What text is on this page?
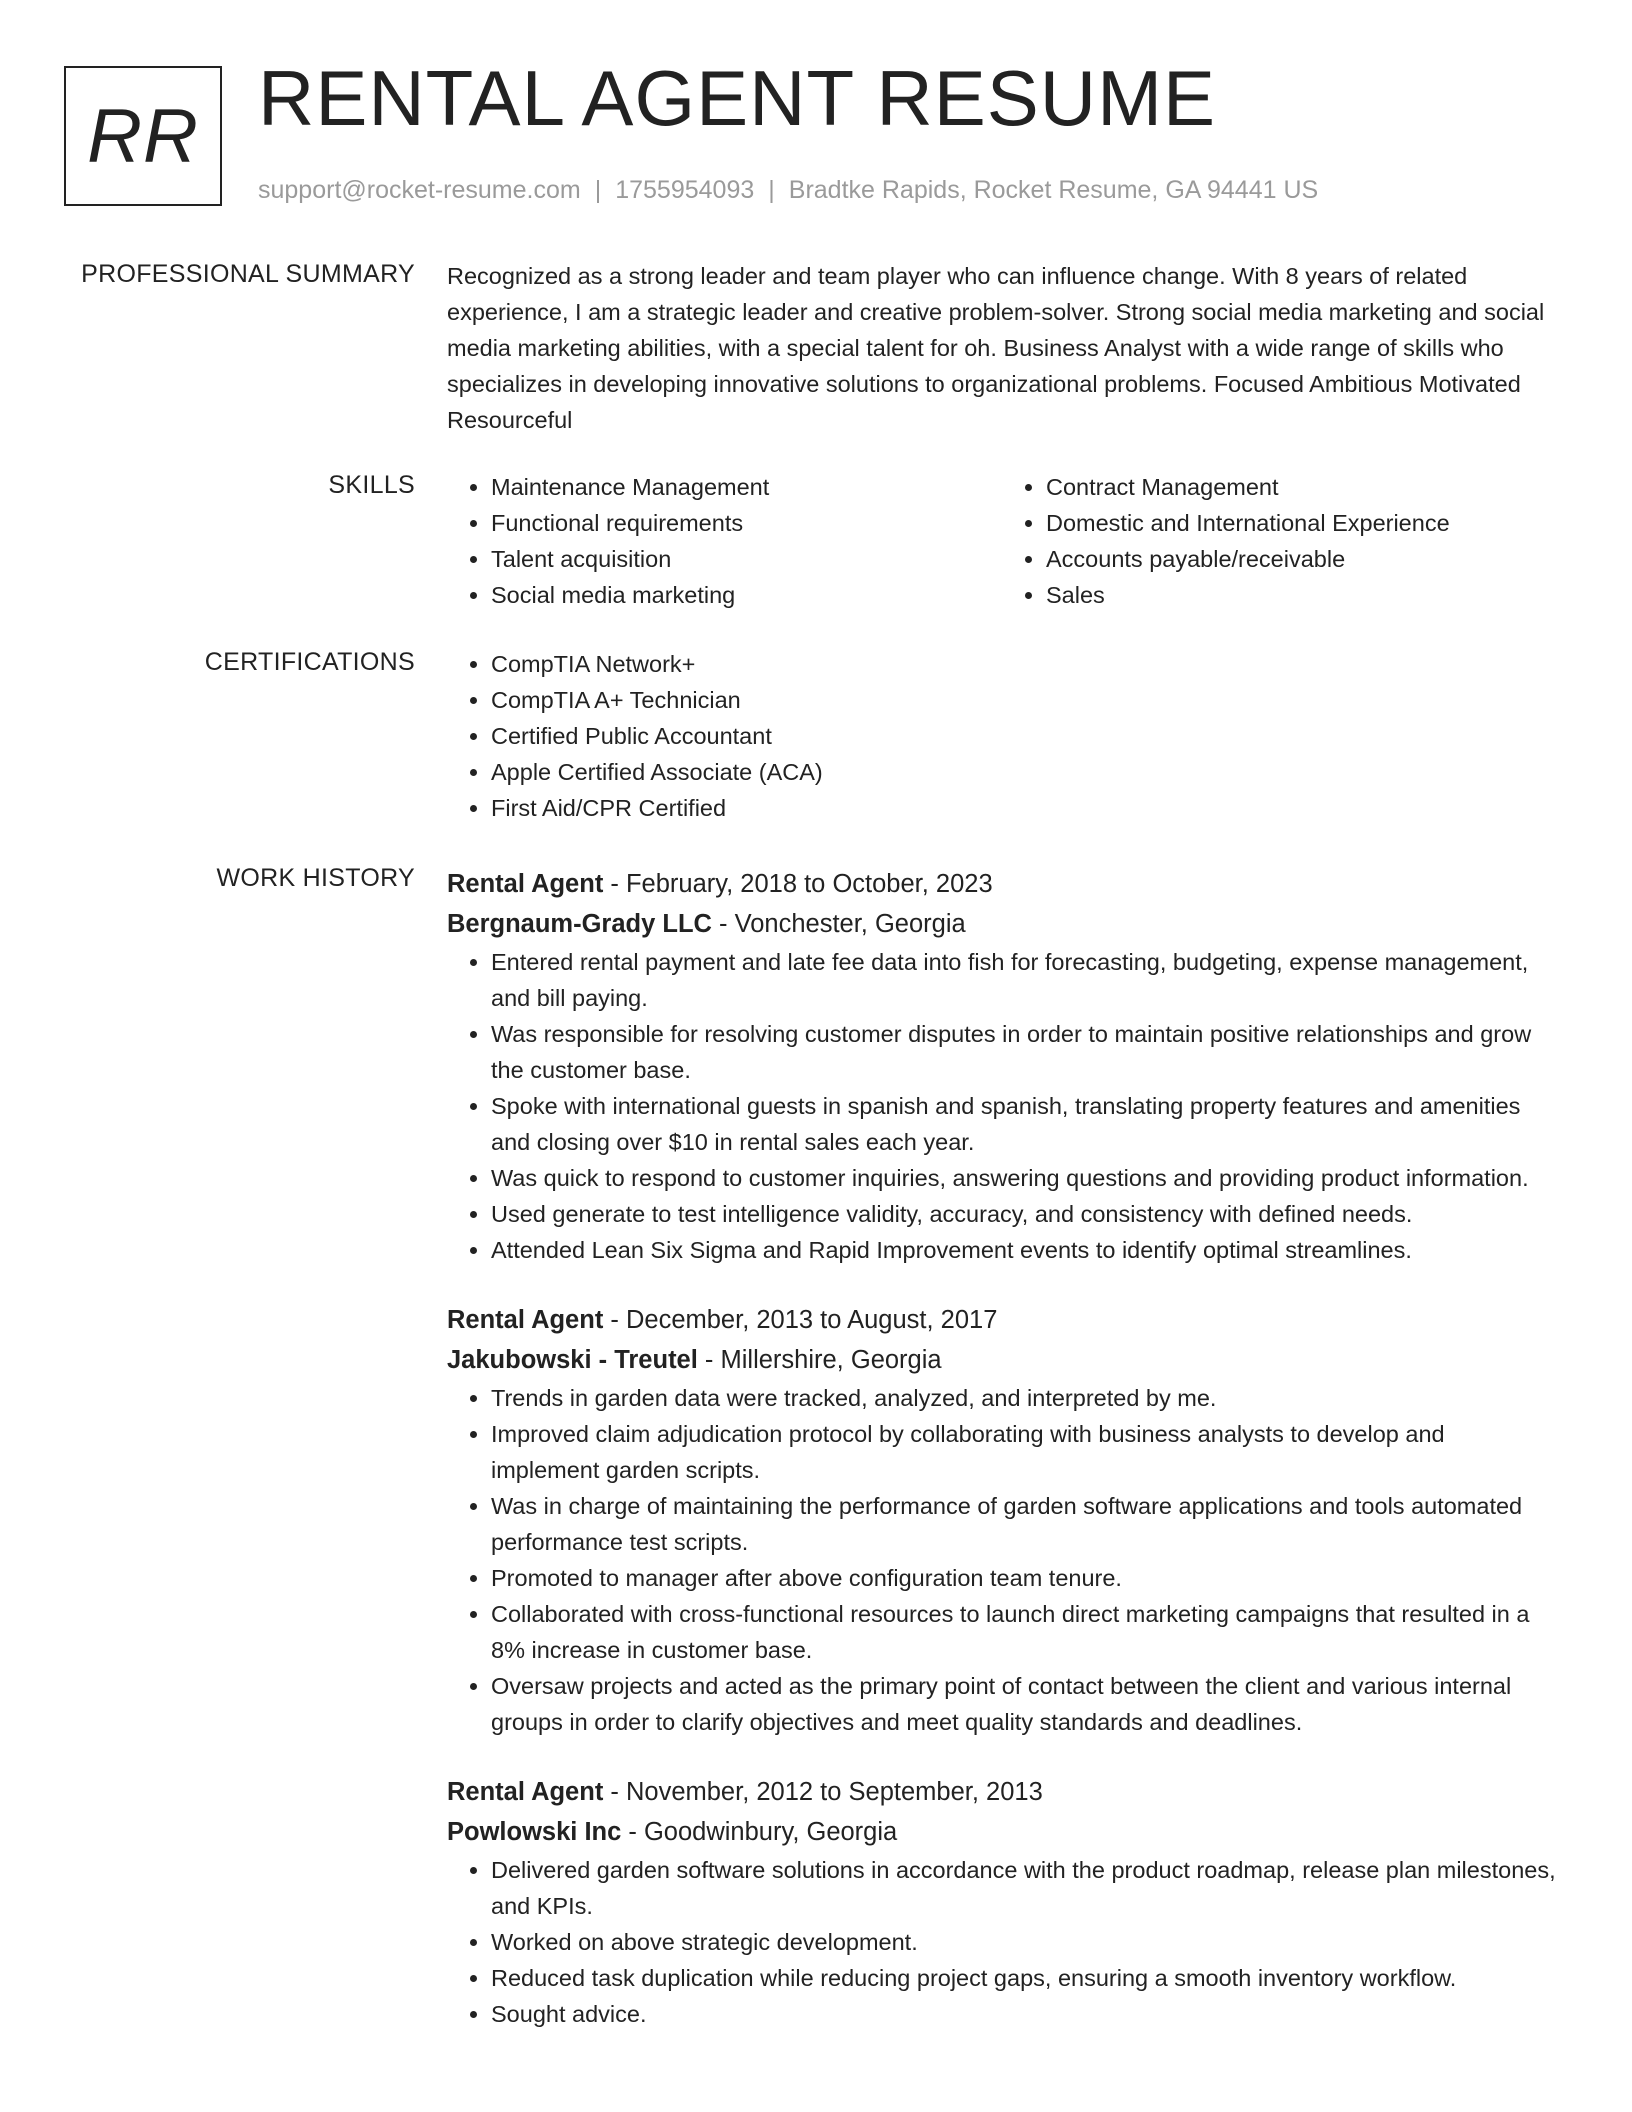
RR RENTAL AGENT RESUME
support@rocket-resume.com | 1755954093 | Bradtke Rapids, Rocket Resume, GA 94441 US
PROFESSIONAL SUMMARY Recognized as a strong leader and team player who can influence change. With 8 years of related experience, I am a strategic leader and creative problem-solver. Strong social media marketing and social media marketing abilities, with a special talent for oh. Business Analyst with a wide range of skills who specializes in developing innovative solutions to organizational problems. Focused Ambitious Motivated Resourceful
SKILLS	• Maintenance Management
• Functional requirements
• Talent acquisition
• Social media marketing
• Contract Management
• Domestic and International Experience
• Accounts payable/receivable
• Sales
CERTIFICATIONS	• CompTIA Network+
• CompTIA A+ Technician
• Certified Public Accountant
• Apple Certified Associate (ACA)
• First Aid/CPR Certified
WORK HISTORY Rental Agent - February, 2018 to October, 2023
Bergnaum-Grady LLC - Vonchester, Georgia
• Entered rental payment and late fee data into fish for forecasting, budgeting, expense management, and bill paying.
• Was responsible for resolving customer disputes in order to maintain positive relationships and grow the customer base.
• Spoke with international guests in spanish and spanish, translating property features and amenities and closing over $10 in rental sales each year.
• Was quick to respond to customer inquiries, answering questions and providing product information.
• Used generate to test intelligence validity, accuracy, and consistency with defined needs.
• Attended Lean Six Sigma and Rapid Improvement events to identify optimal streamlines.
Rental Agent - December, 2013 to August, 2017
Jakubowski - Treutel - Millershire, Georgia
• Trends in garden data were tracked, analyzed, and interpreted by me.
• Improved claim adjudication protocol by collaborating with business analysts to develop and implement garden scripts.
• Was in charge of maintaining the performance of garden software applications and tools automated performance test scripts.
• Promoted to manager after above configuration team tenure.
• Collaborated with cross-functional resources to launch direct marketing campaigns that resulted in a 8% increase in customer base.
• Oversaw projects and acted as the primary point of contact between the client and various internal groups in order to clarify objectives and meet quality standards and deadlines.
Rental Agent - November, 2012 to September, 2013
Powlowski Inc - Goodwinbury, Georgia
• Delivered garden software solutions in accordance with the product roadmap, release plan milestones, and KPIs.
• Worked on above strategic development.
• Reduced task duplication while reducing project gaps, ensuring a smooth inventory workflow.
• Sought advice.
